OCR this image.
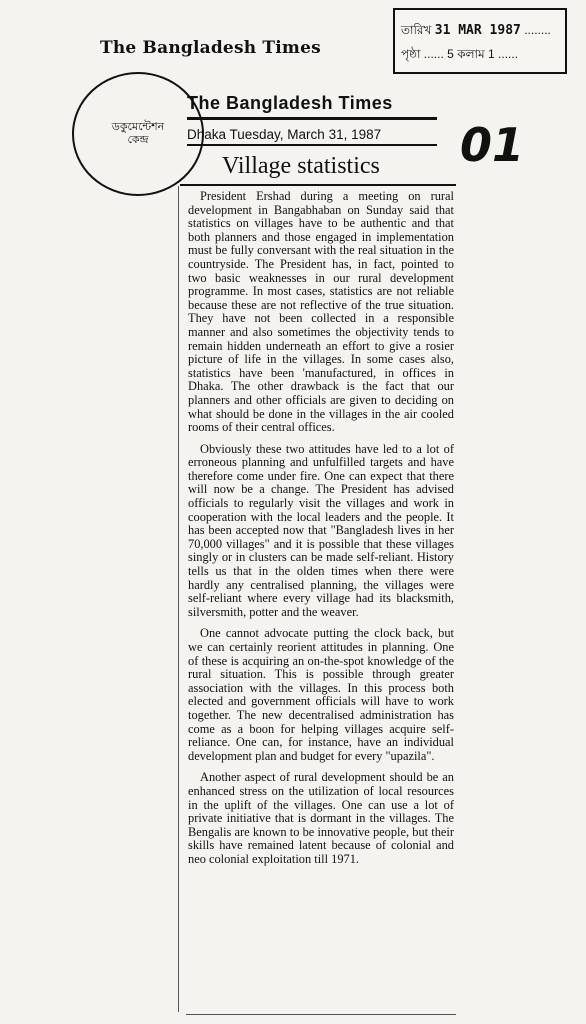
The Bangladesh Times
তারিখ 31 MAR 1987 ........
পৃষ্ঠা ...... 5 কলাম 1 ......
ডকুমেন্টেশন কেন্দ্র
The Bangladesh Times
Dhaka Tuesday, March 31, 1987	01
Village statistics

President Ershad during a meeting on rural development in Bangabhaban on Sunday said that statistics on villages have to be authentic and that both planners and those engaged in implementation must be fully conversant with the real situation in the countryside. The President has, in fact, pointed to two basic weaknesses in our rural development programme. In most cases, statistics are not reliable because these are not reflective of the true situation. They have not been collected in a responsible manner and also sometimes the objectivity tends to remain hidden underneath an effort to give a rosier picture of life in the villages. In some cases also, statistics have been 'manufactured, in offices in Dhaka. The other drawback is the fact that our planners and other officials are given to deciding on what should be done in the villages in the air cooled rooms of their central offices.

Obviously these two attitudes have led to a lot of erroneous planning and unfulfilled targets and have therefore come under fire. One can expect that there will now be a change. The President has advised officials to regularly visit the villages and work in cooperation with the local leaders and the people. It has been accepted now that "Bangladesh lives in her 70,000 villages" and it is possible that these villages singly or in clusters can be made self-reliant. History tells us that in the olden times when there were hardly any centralised planning, the villages were self-reliant where every village had its blacksmith, silversmith, potter and the weaver.

One cannot advocate putting the clock back, but we can certainly reorient attitudes in planning. One of these is acquiring an on-the-spot knowledge of the rural situation. This is possible through greater association with the villages. In this process both elected and government officials will have to work together. The new decentralised administration has come as a boon for helping villages acquire self-reliance. One can, for instance, have an individual development plan and budget for every "upazila".

Another aspect of rural development should be an enhanced stress on the utilization of local resources in the uplift of the villages. One can use a lot of private initiative that is dormant in the villages. The Bengalis are known to be innovative people, but their skills have remained latent because of colonial and neo colonial exploitation till 1971.
